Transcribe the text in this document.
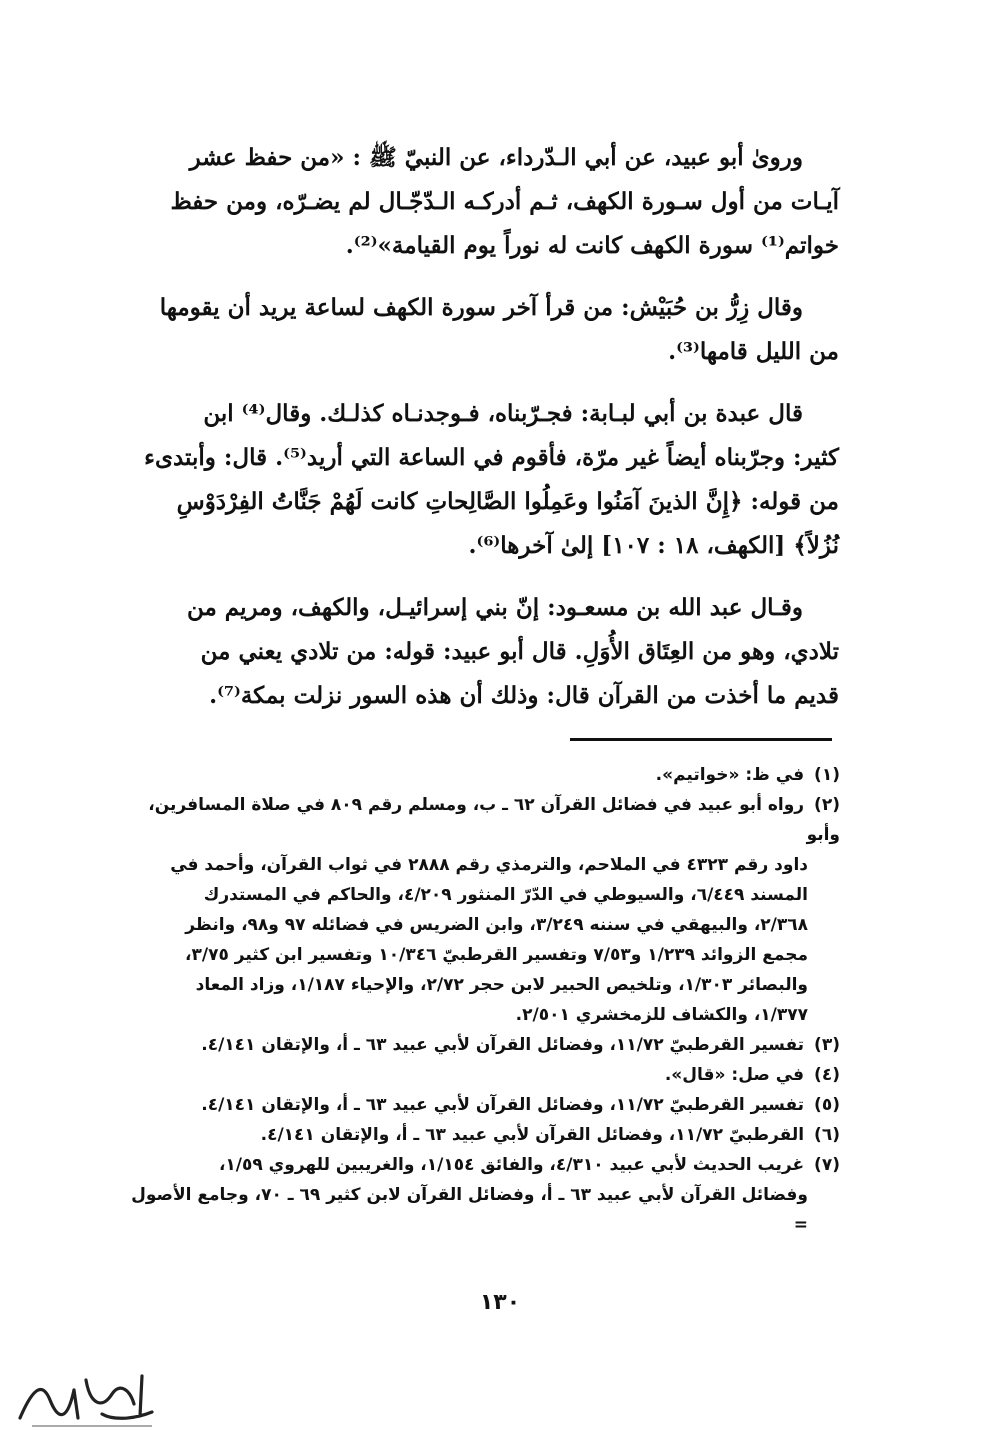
ورویٰ أبو عبيد، عن أبي الـدّرداء، عن النبيّ ﷺ : «من حفظ عشر
آيـات من أول سـورة الكهف، ثـم أدركـه الـدّجّـال لم يضـرّه، ومن حفظ
خواتم⁽¹⁾ سورة الكهف كانت له نوراً يوم القيامة»⁽²⁾.

وقال زِرُّ بن حُبَيْش: من قرأ آخر سورة الكهف لساعة يريد أن يقومها
من الليل قامها⁽³⁾.

قال عبدة بن أبي لبـابة: فجـرّبناه، فـوجدنـاه كذلـك. وقال⁽⁴⁾ ابن
كثير: وجرّبناه أيضاً غير مرّة، فأقوم في الساعة التي أريد⁽⁵⁾. قال: وأبتدىء
من قوله: ﴿إِنَّ الذينَ آمَنُوا وعَمِلُوا الصَّالِحاتِ كانت لَهُمْ جَنَّاتُ الفِرْدَوْسِ
نُزُلاً﴾ [الكهف، ١٨ : ١٠٧] إلىٰ آخرها⁽⁶⁾.

وقـال عبد الله بن مسعـود: إنّ بني إسرائيـل، والكهف، ومريم من
تلادي، وهو من العِتَاق الأُوَلِ. قال أبو عبيد: قوله: من تلادي يعني من
قديم ما أخذت من القرآن قال: وذلك أن هذه السور نزلت بمكة⁽⁷⁾.

(١) في ظ: «خواتيم».
(٢) رواه أبو عبيد في فضائل القرآن ٦٢ ـ ب، ومسلم رقم ٨٠٩ في صلاة المسافرين، وأبو
داود رقم ٤٣٢٣ في الملاحم، والترمذي رقم ٢٨٨٨ في ثواب القرآن، وأحمد في
المسند ٦/٤٤٩، والسيوطي في الدّرّ المنثور ٤/٢٠٩، والحاكم في المستدرك
٢/٣٦٨، والبيهقي في سننه ٣/٢٤٩، وابن الضريس في فضائله ٩٧ و٩٨، وانظر
مجمع الزوائد ١/٢٣٩ و٧/٥٣ وتفسير القرطبيّ ١٠/٣٤٦ وتفسير ابن كثير ٣/٧٥،
والبصائر ١/٣٠٣، وتلخيص الحبير لابن حجر ٢/٧٢، والإحياء ١/١٨٧، وزاد المعاد
١/٣٧٧، والكشاف للزمخشري ٢/٥٠١.
(٣) تفسير القرطبيّ ١١/٧٢، وفضائل القرآن لأبي عبيد ٦٣ ـ أ، والإتقان ٤/١٤١.
(٤) في صل: «قال».
(٥) تفسير القرطبيّ ١١/٧٢، وفضائل القرآن لأبي عبيد ٦٣ ـ أ، والإتقان ٤/١٤١.
(٦) القرطبيّ ١١/٧٢، وفضائل القرآن لأبي عبيد ٦٣ ـ أ، والإتقان ٤/١٤١.
(٧) غريب الحديث لأبي عبيد ٤/٣١٠، والفائق ١/١٥٤، والغريبين للهروي ١/٥٩،
وفضائل القرآن لأبي عبيد ٦٣ ـ أ، وفضائل القرآن لابن كثير ٦٩ ـ ٧٠، وجامع الأصول =
١٣٠
